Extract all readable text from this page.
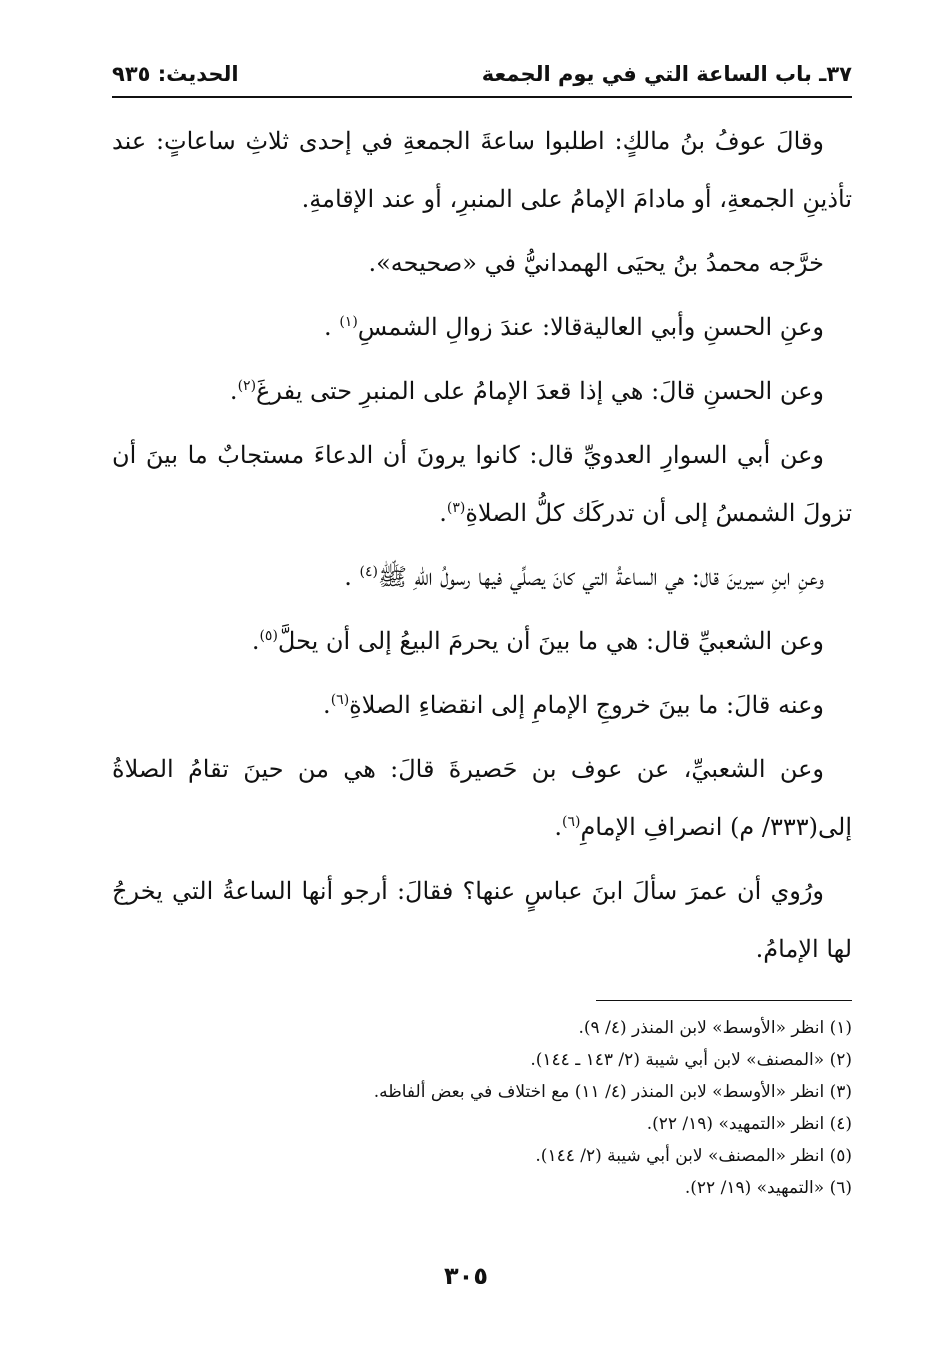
٣٧ـ باب الساعة التي في يوم الجمعة
الحديث: ٩٣٥

وقالَ عوفُ بنُ مالكٍ: اطلبوا ساعةَ الجمعةِ في إحدى ثلاثِ ساعاتٍ: عند تأذينِ الجمعةِ، أو مادامَ الإمامُ على المنبرِ، أو عند الإقامةِ.

خرَّجه محمدُ بنُ يحيَى الهمدانيُّ في «صحيحه».

وعنِ الحسنِ وأبي العاليةقالا: عندَ زوالِ الشمسِ$^{(١)}$ .

وعن الحسنِ قالَ: هي إذا قعدَ الإمامُ على المنبرِ حتى يفرغَ$^{(٢)}$.

وعن أبي السوارِ العدويِّ قال: كانوا يرونَ أن الدعاءَ مستجابٌ ما بينَ أن تزولَ الشمسُ إلى أن تدركَك كلُّ الصلاةِ$^{(٣)}$.

وعنِ ابنِ سيرينَ قال: هي الساعةُ التي كانَ يصلِّي فيها رسولُ اللهِ ﷺ$^{(٤)}$ .

وعن الشعبيِّ قال: هي ما بينَ أن يحرمَ البيعُ إلى أن يحلَّ$^{(٥)}$.

وعنه قالَ: ما بينَ خروجِ الإمامِ إلى انقضاءِ الصلاةِ$^{(٦)}$.

وعن الشعبيِّ، عن عوف بن حَصيرةَ قالَ: هي من حينَ تقامُ الصلاةُ إلى(٣٣٣/ م) انصرافِ الإمامِ$^{(٦)}$.

ورُوي أن عمرَ سألَ ابنَ عباسٍ عنها؟ فقالَ: أرجو أنها الساعةُ التي يخرجُ لها الإمامُ.

(١) انظر «الأوسط» لابن المنذر (٤/ ٩).

(٢) «المصنف» لابن أبي شيبة (٢/ ١٤٣ ـ ١٤٤).

(٣) انظر «الأوسط» لابن المنذر (٤/ ١١) مع اختلاف في بعض ألفاظه.

(٤) انظر «التمهيد» (١٩/ ٢٢).

(٥) انظر «المصنف» لابن أبي شيبة (٢/ ١٤٤).

(٦) «التمهيد» (١٩/ ٢٢).

٣٠٥
